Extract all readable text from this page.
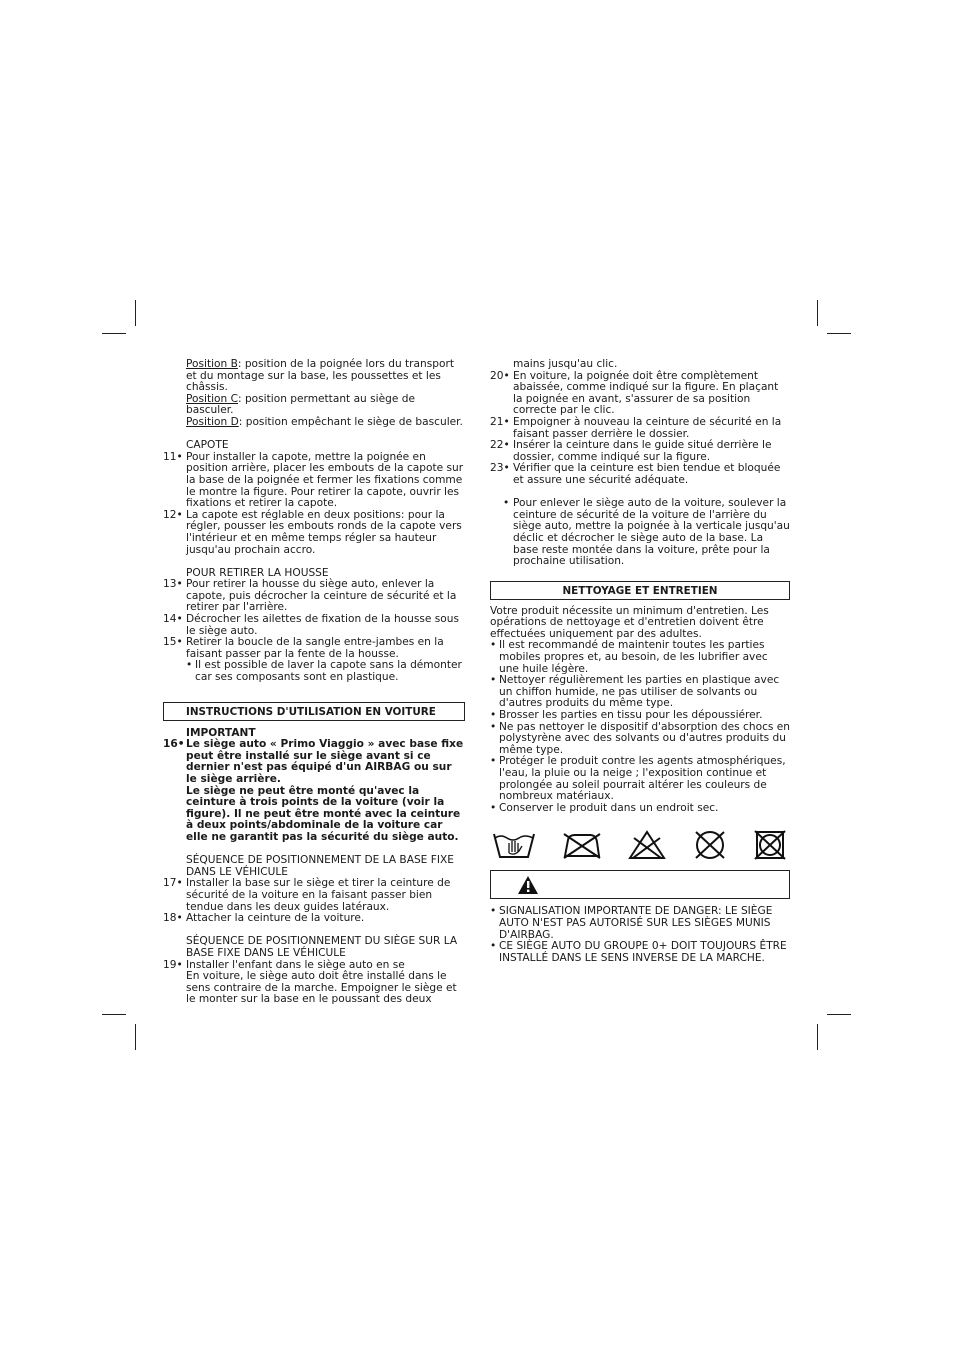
Position B: position de la poignée lors du transport et du montage sur la base, les poussettes et les châssis.
Position C: position permettant au siège de basculer.
Position D: position empêchant le siège de basculer.
CAPOTE
11• Pour installer la capote, mettre la poignée en position arrière, placer les embouts de la capote sur la base de la poignée et fermer les fixations comme le montre la figure. Pour retirer la capote, ouvrir les fixations et retirer la capote.
12• La capote est réglable en deux positions: pour la régler, pousser les embouts ronds de la capote vers l'intérieur et en même temps régler sa hauteur jusqu'au prochain accro.
POUR RETIRER LA HOUSSE
13• Pour retirer la housse du siège auto, enlever la capote, puis décrocher la ceinture de sécurité et la retirer par l'arrière.
14• Décrocher les ailettes de fixation de la housse sous le siège auto.
15• Retirer la boucle de la sangle entre-jambes en la faisant passer par la fente de la housse.
• Il est possible de laver la capote sans la démonter car ses composants sont en plastique.
INSTRUCTIONS D'UTILISATION EN VOITURE
IMPORTANT
16• Le siège auto « Primo Viaggio » avec base fixe peut être installé sur le siège avant si ce dernier n'est pas équipé d'un AIRBAG ou sur le siège arrière.
Le siège ne peut être monté qu'avec la ceinture à trois points de la voiture (voir la figure). Il ne peut être monté avec la ceinture à deux points/abdominale de la voiture car elle ne garantit pas la sécurité du siège auto.
SÉQUENCE DE POSITIONNEMENT DE LA BASE FIXE DANS LE VÉHICULE
17• Installer la base sur le siège et tirer la ceinture de sécurité de la voiture en la faisant passer bien tendue dans les deux guides latéraux.
18• Attacher la ceinture de la voiture.
SÉQUENCE DE POSITIONNEMENT DU SIÈGE SUR LA BASE FIXE DANS LE VÉHICULE
19• Installer l'enfant dans le siège auto en se
En voiture, le siège auto doit être installé dans le sens contraire de la marche. Empoigner le siège et le monter sur la base en le poussant des deux
mains jusqu'au clic.
20• En voiture, la poignée doit être complètement abaissée, comme indiqué sur la figure. En plaçant la poignée en avant, s'assurer de sa position correcte par le clic.
21• Empoigner à nouveau la ceinture de sécurité en la faisant passer derrière le dossier.
22• Insérer la ceinture dans le guide situé derrière le dossier, comme indiqué sur la figure.
23• Vérifier que la ceinture est bien tendue et bloquée et assure une sécurité adéquate.
• Pour enlever le siège auto de la voiture, soulever la ceinture de sécurité de la voiture de l'arrière du siège auto, mettre la poignée à la verticale jusqu'au déclic et décrocher le siège auto de la base. La base reste montée dans la voiture, prête pour la prochaine utilisation.
NETTOYAGE ET ENTRETIEN
Votre produit nécessite un minimum d'entretien. Les opérations de nettoyage et d'entretien doivent être effectuées uniquement par des adultes.
• Il est recommandé de maintenir toutes les parties mobiles propres et, au besoin, de les lubrifier avec une huile légère.
• Nettoyer régulièrement les parties en plastique avec un chiffon humide, ne pas utiliser de solvants ou d'autres produits du même type.
• Brosser les parties en tissu pour les dépoussiérer.
• Ne pas nettoyer le dispositif d'absorption des chocs en polystyrène avec des solvants ou d'autres produits du même type.
• Protéger le produit contre les agents atmosphériques, l'eau, la pluie ou la neige ; l'exposition continue et prolongée au soleil pourrait altérer les couleurs de nombreux matériaux.
• Conserver le produit dans un endroit sec.
• SIGNALISATION IMPORTANTE DE DANGER: LE SIÈGE AUTO N'EST PAS AUTORISÉ SUR LES SIÈGES MUNIS D'AIRBAG.
• CE SIÈGE AUTO DU GROUPE 0+ DOIT TOUJOURS ÊTRE INSTALLÉ DANS LE SENS INVERSE DE LA MARCHE.
